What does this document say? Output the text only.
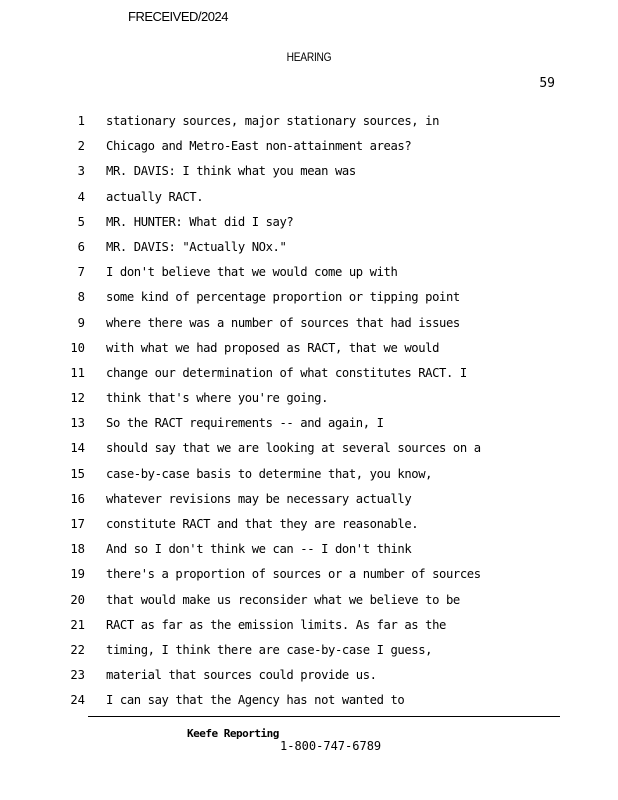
FRECEIVED/2024
HEARING
59
1 stationary sources, major stationary sources, in
2 Chicago and Metro-East non-attainment areas?
3 MR. DAVIS: I think what you mean was
4 actually RACT.
5 MR. HUNTER: What did I say?
6 MR. DAVIS: "Actually NOx."
7 I don't believe that we would come up with
8 some kind of percentage proportion or tipping point
9 where there was a number of sources that had issues
10 with what we had proposed as RACT, that we would
11 change our determination of what constitutes RACT. I
12 think that's where you're going.
13 So the RACT requirements -- and again, I
14 should say that we are looking at several sources on a
15 case-by-case basis to determine that, you know,
16 whatever revisions may be necessary actually
17 constitute RACT and that they are reasonable.
18 And so I don't think we can -- I don't think
19 there's a proportion of sources or a number of sources
20 that would make us reconsider what we believe to be
21 RACT as far as the emission limits. As far as the
22 timing, I think there are case-by-case I guess,
23 material that sources could provide us.
24 I can say that the Agency has not wanted to
Keefe Reporting
1-800-747-6789
